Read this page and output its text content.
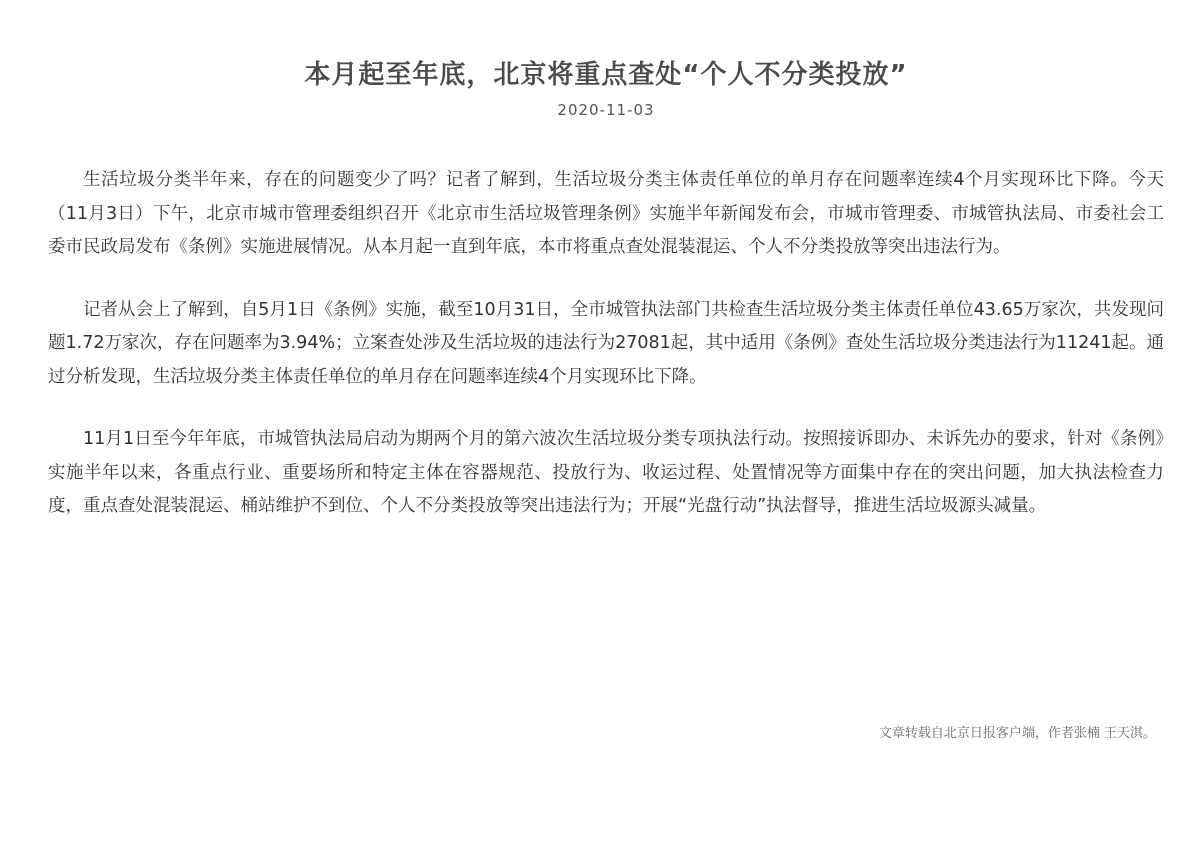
本月起至年底，北京将重点查处“个人不分类投放”
2020-11-03

生活垃圾分类半年来，存在的问题变少了吗？记者了解到，生活垃圾分类主体责任单位的单月存在问题率连续4个月实现环比下降。今天（11月3日）下午，北京市城市管理委组织召开《北京市生活垃圾管理条例》实施半年新闻发布会，市城市管理委、市城管执法局、市委社会工委市民政局发布《条例》实施进展情况。从本月起一直到年底，本市将重点查处混装混运、个人不分类投放等突出违法行为。

记者从会上了解到，自5月1日《条例》实施，截至10月31日，全市城管执法部门共检查生活垃圾分类主体责任单位43.65万家次，共发现问题1.72万家次，存在问题率为3.94%；立案查处涉及生活垃圾的违法行为27081起，其中适用《条例》查处生活垃圾分类违法行为11241起。通过分析发现，生活垃圾分类主体责任单位的单月存在问题率连续4个月实现环比下降。

11月1日至今年年底，市城管执法局启动为期两个月的第六波次生活垃圾分类专项执法行动。按照接诉即办、未诉先办的要求，针对《条例》实施半年以来，各重点行业、重要场所和特定主体在容器规范、投放行为、收运过程、处置情况等方面集中存在的突出问题，加大执法检查力度，重点查处混装混运、桶站维护不到位、个人不分类投放等突出违法行为；开展“光盘行动”执法督导，推进生活垃圾源头减量。

文章转载自北京日报客户端，作者张楠 王天淇。
